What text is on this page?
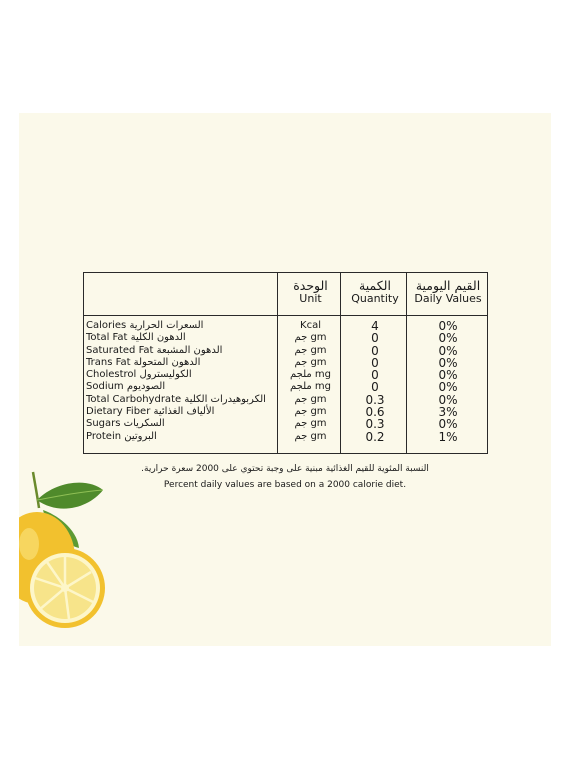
الوحدة
Unit
الكمية
Quantity
القيم اليومية
Daily Values
Calories السعرات الحرارية
Total Fat الدهون الكلية
Saturated Fat الدهون المشبعة
Trans Fat الدهون المتحولة
Cholestrol الكوليسترول
Sodium الصوديوم
Total Carbohydrate الكربوهيدرات الكلية
Dietary Fiber الألياف الغذائية
Sugars السكريات
Protein البروتين
Kcal
جم gm
جم gm
جم gm
ملجم mg
ملجم mg
جم gm
جم gm
جم gm
جم gm
4
0
0
0
0
0
0.3
0.6
0.3
0.2
0%
0%
0%
0%
0%
0%
0%
3%
0%
1%
النسبة المئوية للقيم الغذائية مبنية على وجبة تحتوي على 2000 سعرة حرارية.
Percent daily values are based on a 2000 calorie diet.
